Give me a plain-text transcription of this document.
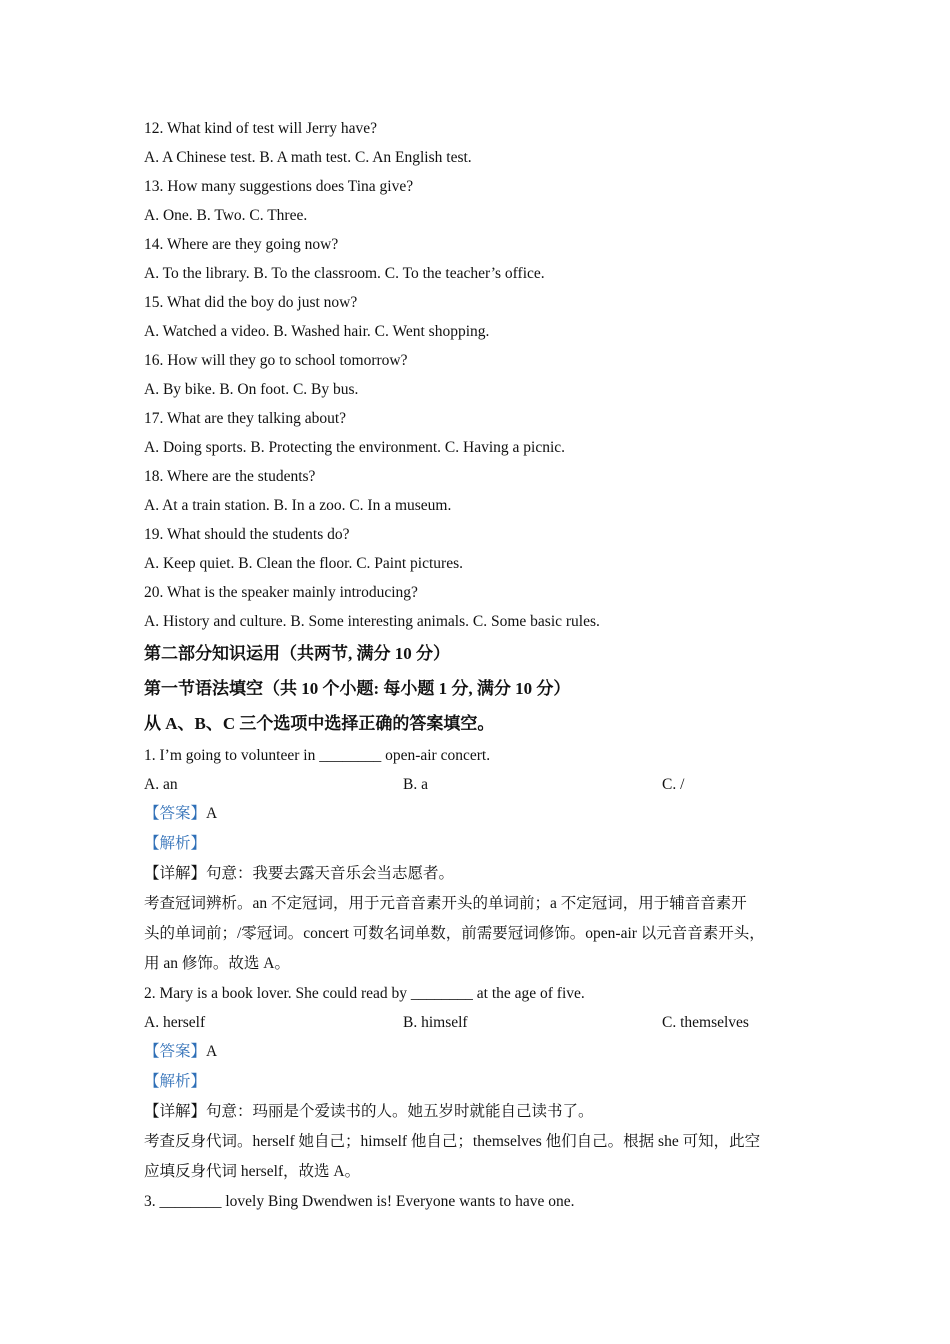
12. What kind of test will Jerry have?
A. A Chinese test. B. A math test. C. An English test.
13. How many suggestions does Tina give?
A. One. B. Two. C. Three.
14. Where are they going now?
A. To the library. B. To the classroom. C. To the teacher’s office.
15. What did the boy do just now?
A. Watched a video. B. Washed hair. C. Went shopping.
16. How will they go to school tomorrow?
A. By bike. B. On foot. C. By bus.
17. What are they talking about?
A. Doing sports. B. Protecting the environment. C. Having a picnic.
18. Where are the students?
A. At a train station. B. In a zoo. C. In a museum.
19. What should the students do?
A. Keep quiet. B. Clean the floor. C. Paint pictures.
20. What is the speaker mainly introducing?
A. History and culture. B. Some interesting animals. C. Some basic rules.
第二部分知识运用（共两节, 满分 10 分）
第一节语法填空（共 10 个小题: 每小题 1 分, 满分 10 分）
从 A、B、C 三个选项中选择正确的答案填空。
1. I’m going to volunteer in ________ open-air concert.
A. an	B. a	C. /
【答案】A
【解析】
【详解】句意：我要去露天音乐会当志愿者。
考查冠词辨析。an 不定冠词，用于元音音素开头的单词前；a 不定冠词，用于辅音音素开
头的单词前；/零冠词。concert 可数名词单数，前需要冠词修饰。open-air 以元音音素开头，
用 an 修饰。故选 A。
2. Mary is a book lover. She could read by ________ at the age of five.
A. herself	B. himself	C. themselves
【答案】A
【解析】
【详解】句意：玛丽是个爱读书的人。她五岁时就能自己读书了。
考查反身代词。herself 她自己；himself 他自己；themselves 他们自己。根据 she 可知，此空
应填反身代词 herself，故选 A。
3. ________ lovely Bing Dwendwen is! Everyone wants to have one.
